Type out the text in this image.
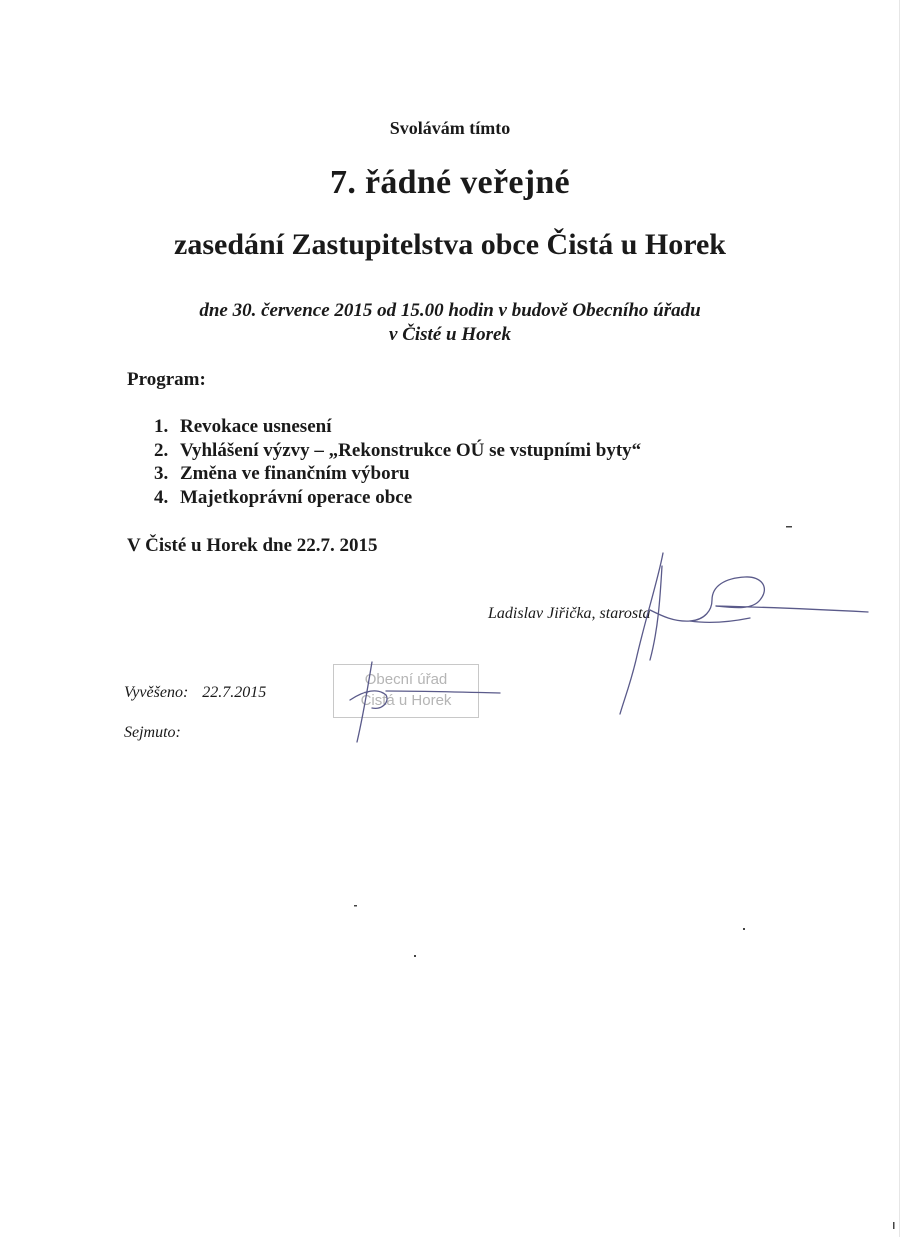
Svolávám tímto

7. řádné veřejné

zasedání Zastupitelstva obce Čistá u Horek

dne 30. července 2015 od 15.00 hodin v budově Obecního úřadu

v Čisté u Horek

Program:

1. Revokace usnesení
2. Vyhlášení výzvy – „Rekonstrukce OÚ se vstupními byty“
3. Změna ve finančním výboru
4. Majetkoprávní operace obce

V Čisté u Horek dne 22.7. 2015

Ladislav Jiřička, starosta

Obecní úřad
Čistá u Horek

Vyvěšeno: 22.7.2015

Sejmuto:
